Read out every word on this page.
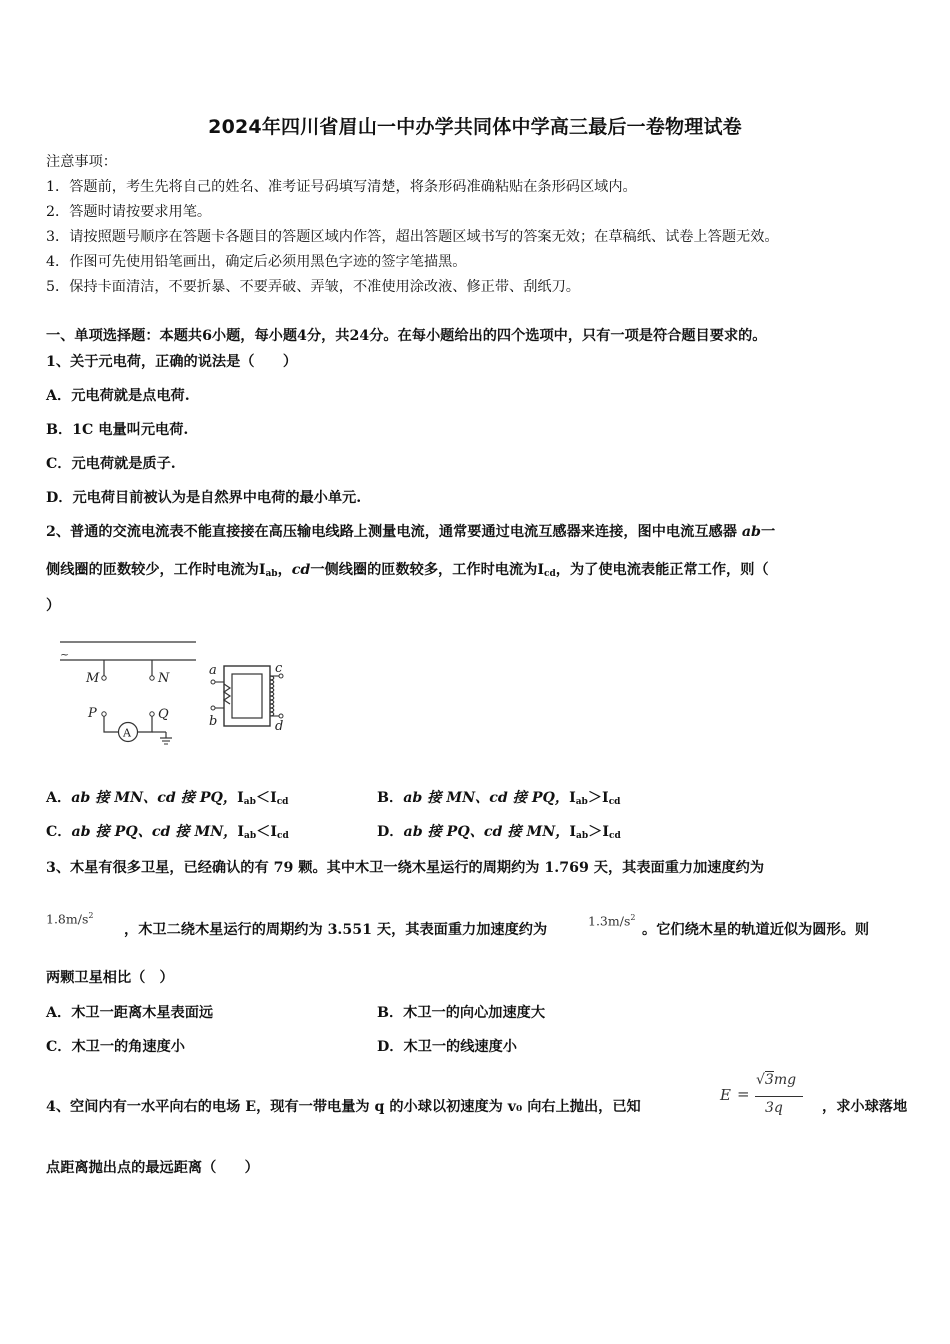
2024年四川省眉山一中办学共同体中学高三最后一卷物理试卷
注意事项：
1．答题前，考生先将自己的姓名、准考证号码填写清楚，将条形码准确粘贴在条形码区域内。
2．答题时请按要求用笔。
3．请按照题号顺序在答题卡各题目的答题区域内作答，超出答题区域书写的答案无效；在草稿纸、试卷上答题无效。
4．作图可先使用铅笔画出，确定后必须用黑色字迹的签字笔描黑。
5．保持卡面清洁，不要折暴、不要弄破、弄皱，不准使用涂改液、修正带、刮纸刀。
一、单项选择题：本题共6小题，每小题4分，共24分。在每小题给出的四个选项中，只有一项是符合题目要求的。
1、关于元电荷，正确的说法是（　　）
A．元电荷就是点电荷.
B．1C 电量叫元电荷.
C．元电荷就是质子.
D．元电荷目前被认为是自然界中电荷的最小单元.
2、普通的交流电流表不能直接接在高压输电线路上测量电流，通常要通过电流互感器来连接，图中电流互感器 ab一
侧线圈的匝数较少，工作时电流为$I_{ab}$，cd一侧线圈的匝数较多，工作时电流为$I_{cd}$，为了使电流表能正常工作，则（
）
~
M	N
P
A
Q
a
b
c
d
A．ab 接 MN、cd 接 PQ，$I_{ab}<I_{cd}$	B．ab 接 MN、cd 接 PQ，$I_{ab}>I_{cd}$
C．ab 接 PQ、cd 接 MN，$I_{ab}<I_{cd}$	D．ab 接 PQ、cd 接 MN，$I_{ab}>I_{cd}$
3、木星有很多卫星，已经确认的有 79 颗。其中木卫一绕木星运行的周期约为 1.769 天，其表面重力加速度约为
$1.8m/s^2$
，木卫二绕木星运行的周期约为 3.551 天，其表面重力加速度约为
$1.3m/s^2$
。它们绕木星的轨道近似为圆形。则
两颗卫星相比（　）
A．木卫一距离木星表面远	B．木卫一的向心加速度大
C．木卫一的角速度小	D．木卫一的线速度小
4、空间内有一水平向右的电场 E，现有一带电量为 q 的小球以初速度为 v₀ 向右上抛出，已知
E =
√3mg
3q	，求小球落地
点距离抛出点的最远距离（　　）
